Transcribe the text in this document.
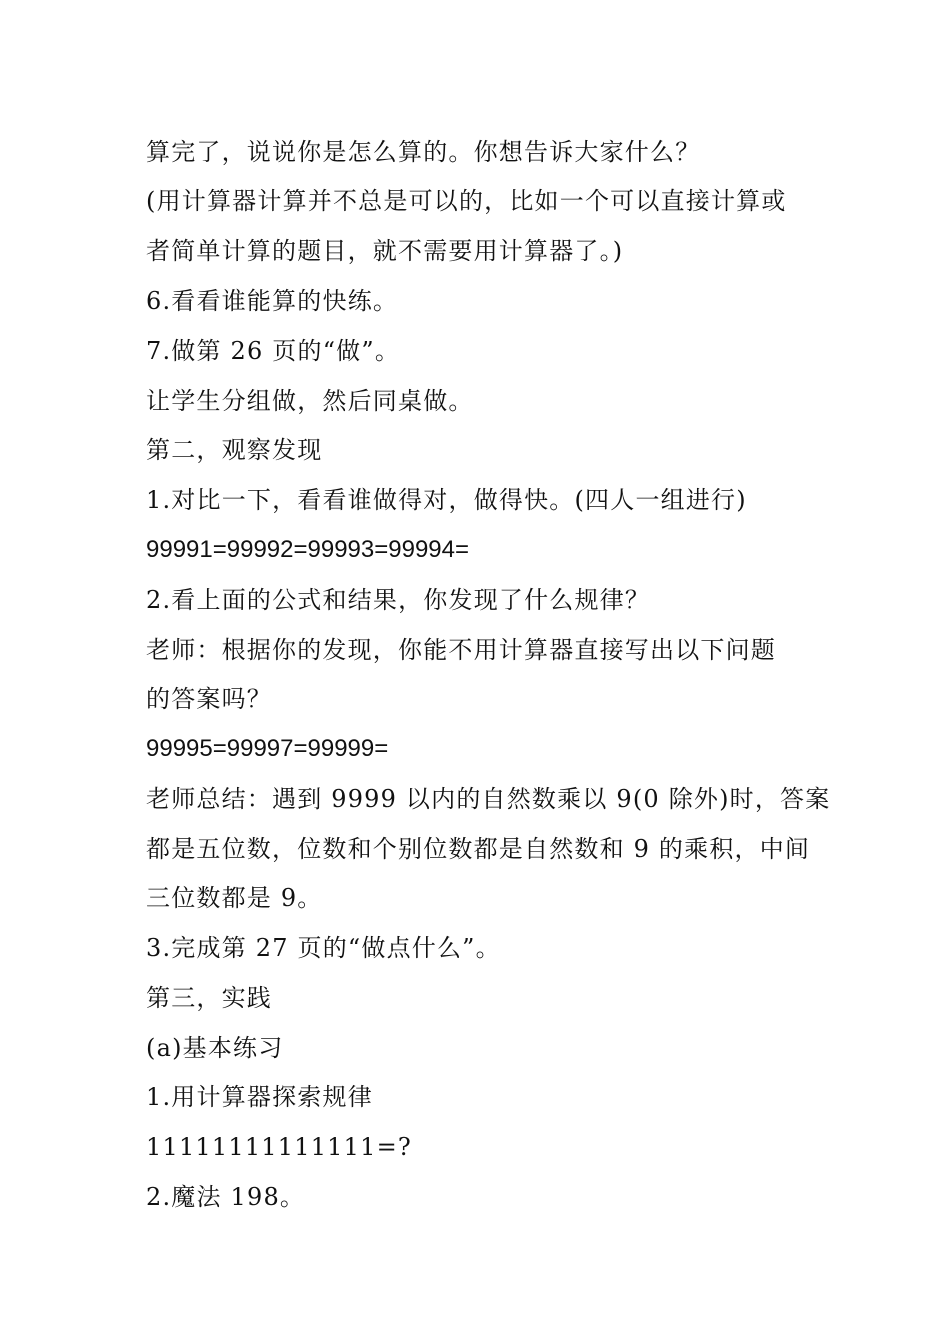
算完了，说说你是怎么算的。你想告诉大家什么？
(用计算器计算并不总是可以的，比如一个可以直接计算或
者简单计算的题目，就不需要用计算器了。)
6.看看谁能算的快练。
7.做第 26 页的“做”。
让学生分组做，然后同桌做。
第二，观察发现
1.对比一下，看看谁做得对，做得快。(四人一组进行)
99991=99992=99993=99994=
2.看上面的公式和结果，你发现了什么规律？
老师：根据你的发现，你能不用计算器直接写出以下问题
的答案吗？
99995=99997=99999=
老师总结：遇到 9999 以内的自然数乘以 9(0 除外)时，答案
都是五位数，位数和个别位数都是自然数和 9 的乘积，中间
三位数都是 9。
3.完成第 27 页的“做点什么”。
第三，实践
(a)基本练习
1.用计算器探索规律
11111111111111=?
2.魔法 198。
